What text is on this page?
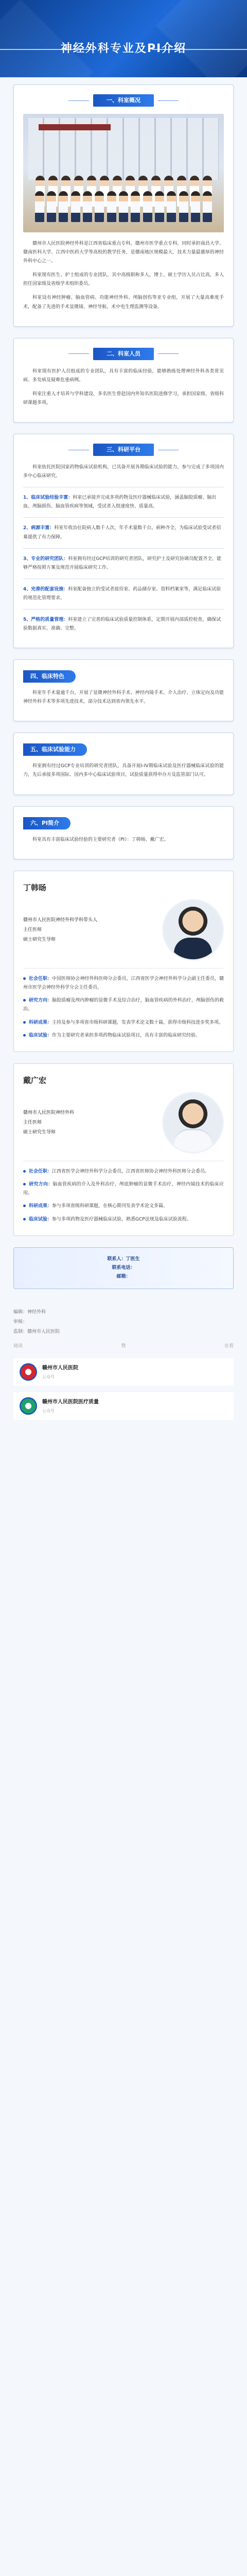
神经外科专业及PI介绍
一、科室概况

赣州市人民医院神经外科是江西省临床重点专科，赣州市医学重点专科，同时承担南昌大学、赣南医科大学、江西中医药大学等高校的教学任务，是赣南地区规模最大、技术力量最雄厚的神经外科中心之一。

科室现有医生、护士组成的专业团队，其中高级职称多人，博士、硕士学历人员占比高，多人担任国家级及省级学术组织委员。

科室设有神经肿瘤、脑血管病、功能神经外科、颅脑创伤等亚专业组，开展了大量高难度手术，配备了先进的手术显微镜、神经导航、术中电生理监测等设备。

二、科室人员

科室现有医护人员组成的专业团队，具有丰富的临床经验，能够熟练处理神经外科各类常见病、多发病及疑难危重病例。

科室注重人才培养与学科建设，多名医生曾赴国内外知名医院进修学习，承担国家级、省级科研课题多项。

三、科研平台

科室依托医院国家药物临床试验机构，已具备开展各期临床试验的能力，参与完成了多项国内多中心临床研究。

1、临床试验经验丰富：科室已承接并完成多项药物及医疗器械临床试验，涵盖脑胶质瘤、脑出血、颅脑损伤、脑血管疾病等领域，受试者入组速度快、质量高。
2、病源丰富：科室年收治住院病人数千人次，年手术量数千台，病种齐全，为临床试验受试者招募提供了有力保障。
3、专业的研究团队：科室拥有经过GCP培训的研究者团队，研究护士及研究协调员配置齐全，能够严格按照方案及规范开展临床研究工作。
4、完善的配套设施：科室配备独立的受试者接待室、药品储存室、资料档案室等，满足临床试验的规范化管理要求。
5、严格的质量管理：科室建立了完善的临床试验质量控制体系，定期开展内部质控检查，确保试验数据真实、准确、完整。
四、临床特色

科室年手术量逾千台，开展了显微神经外科手术、神经内镜手术、介入治疗、立体定向及功能神经外科手术等多项先进技术，部分技术达到省内领先水平。

五、临床试验能力

科室拥有经过GCP专业培训的研究者团队，具备开展I-IV期临床试验及医疗器械临床试验的能力，先后承接多项国际、国内多中心临床试验项目，试验质量获得申办方及监管部门认可。

六、PI简介

科室具有丰富临床试验经验的主要研究者（PI）：丁韩旸、戴广宏。

丁韩旸
赣州市人民医院神经外科学科带头人
主任医师
硕士研究生导师
社会任职：中国医师协会神经外科医师分会委员，江西省医学会神经外科学分会副主任委员，赣州市医学会神经外科学分会主任委员。
研究方向：脑胶质瘤及颅内肿瘤的显微手术及综合治疗，脑血管疾病的外科治疗，颅脑创伤的救治。
科研成果：主持及参与多项省市级科研课题，发表学术论文数十篇，获得市级科技进步奖多项。
临床试验：作为主要研究者承担多项药物临床试验项目，具有丰富的临床研究经验。
戴广宏
赣州市人民医院神经外科
主任医师
硕士研究生导师
社会任职：江西省医学会神经外科学分会委员，江西省医师协会神经外科医师分会委员。
研究方向：脑血管疾病的介入及外科治疗，颅底肿瘤的显微手术治疗，神经内镜技术的临床应用。
科研成果：参与多项省级科研课题，在核心期刊发表学术论文多篇。
临床试验：参与多项药物及医疗器械临床试验，熟悉GCP法规及临床试验流程。
联系人：丁医生
联系电话：
邮箱：
编辑：神经外科
审核：
监制：赣州市人民医院
阅读	赞	在看
赣州市人民医院
公众号
赣州市人民医院医疗质量
公众号
